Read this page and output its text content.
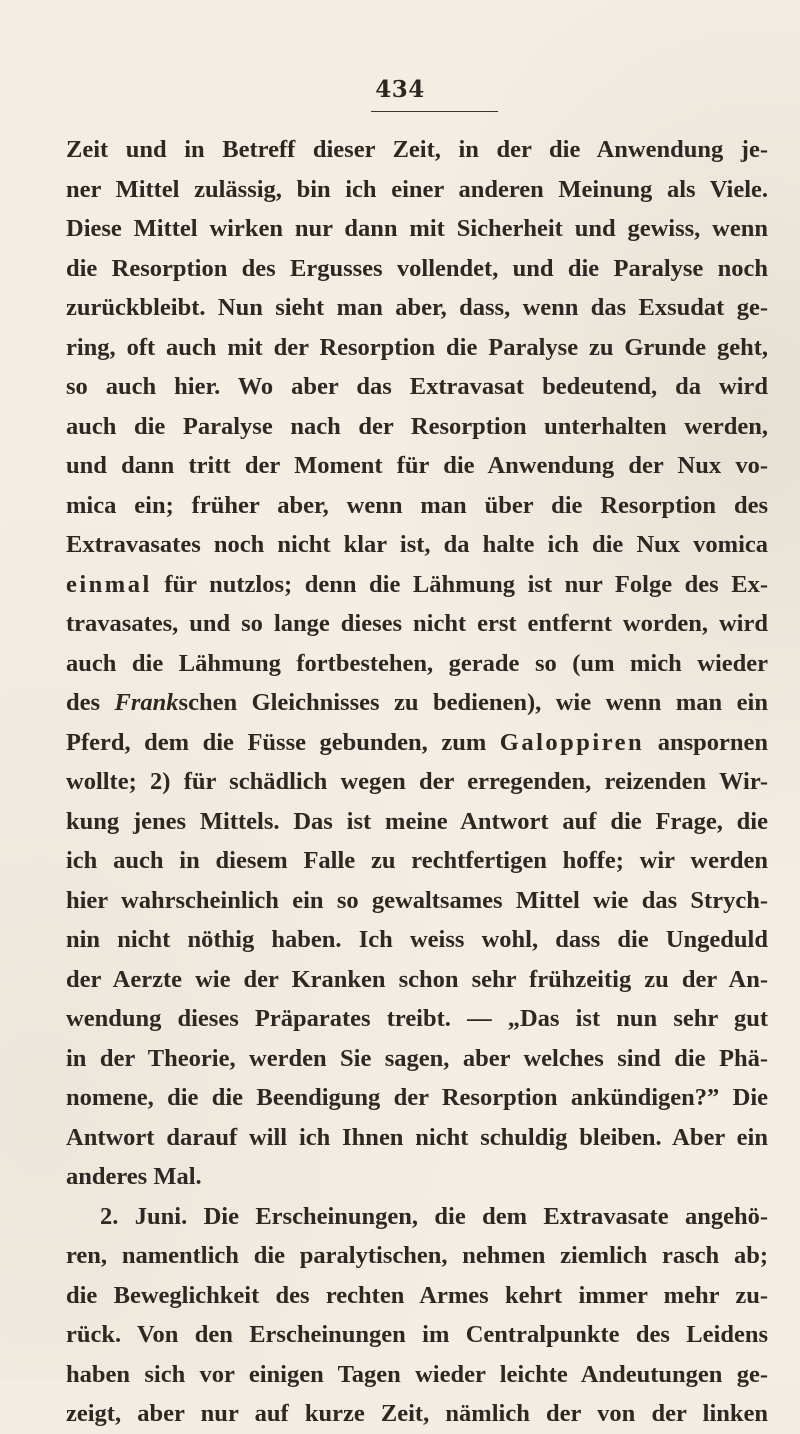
434
Zeit und in Betreff dieser Zeit, in der die Anwendung je-
ner Mittel zulässig, bin ich einer anderen Meinung als Viele.
Diese Mittel wirken nur dann mit Sicherheit und gewiss, wenn
die Resorption des Ergusses vollendet, und die Paralyse noch
zurückbleibt. Nun sieht man aber, dass, wenn das Exsudat ge-
ring, oft auch mit der Resorption die Paralyse zu Grunde geht,
so auch hier. Wo aber das Extravasat bedeutend, da wird
auch die Paralyse nach der Resorption unterhalten werden,
und dann tritt der Moment für die Anwendung der Nux vo-
mica ein; früher aber, wenn man über die Resorption des
Extravasates noch nicht klar ist, da halte ich die Nux vomica
einmal für nutzlos; denn die Lähmung ist nur Folge des Ex-
travasates, und so lange dieses nicht erst entfernt worden, wird
auch die Lähmung fortbestehen, gerade so (um mich wieder
des Frankschen Gleichnisses zu bedienen), wie wenn man ein
Pferd, dem die Füsse gebunden, zum Galoppiren anspornen
wollte; 2) für schädlich wegen der erregenden, reizenden Wir-
kung jenes Mittels. Das ist meine Antwort auf die Frage, die
ich auch in diesem Falle zu rechtfertigen hoffe; wir werden
hier wahrscheinlich ein so gewaltsames Mittel wie das Strych-
nin nicht nöthig haben. Ich weiss wohl, dass die Ungeduld
der Aerzte wie der Kranken schon sehr frühzeitig zu der An-
wendung dieses Präparates treibt. — „Das ist nun sehr gut
in der Theorie, werden Sie sagen, aber welches sind die Phä-
nomene, die die Beendigung der Resorption ankündigen?” Die
Antwort darauf will ich Ihnen nicht schuldig bleiben. Aber ein
anderes Mal.
2. Juni. Die Erscheinungen, die dem Extravasate angehö-
ren, namentlich die paralytischen, nehmen ziemlich rasch ab;
die Beweglichkeit des rechten Armes kehrt immer mehr zu-
rück. Von den Erscheinungen im Centralpunkte des Leidens
haben sich vor einigen Tagen wieder leichte Andeutungen ge-
zeigt, aber nur auf kurze Zeit, nämlich der von der linken
